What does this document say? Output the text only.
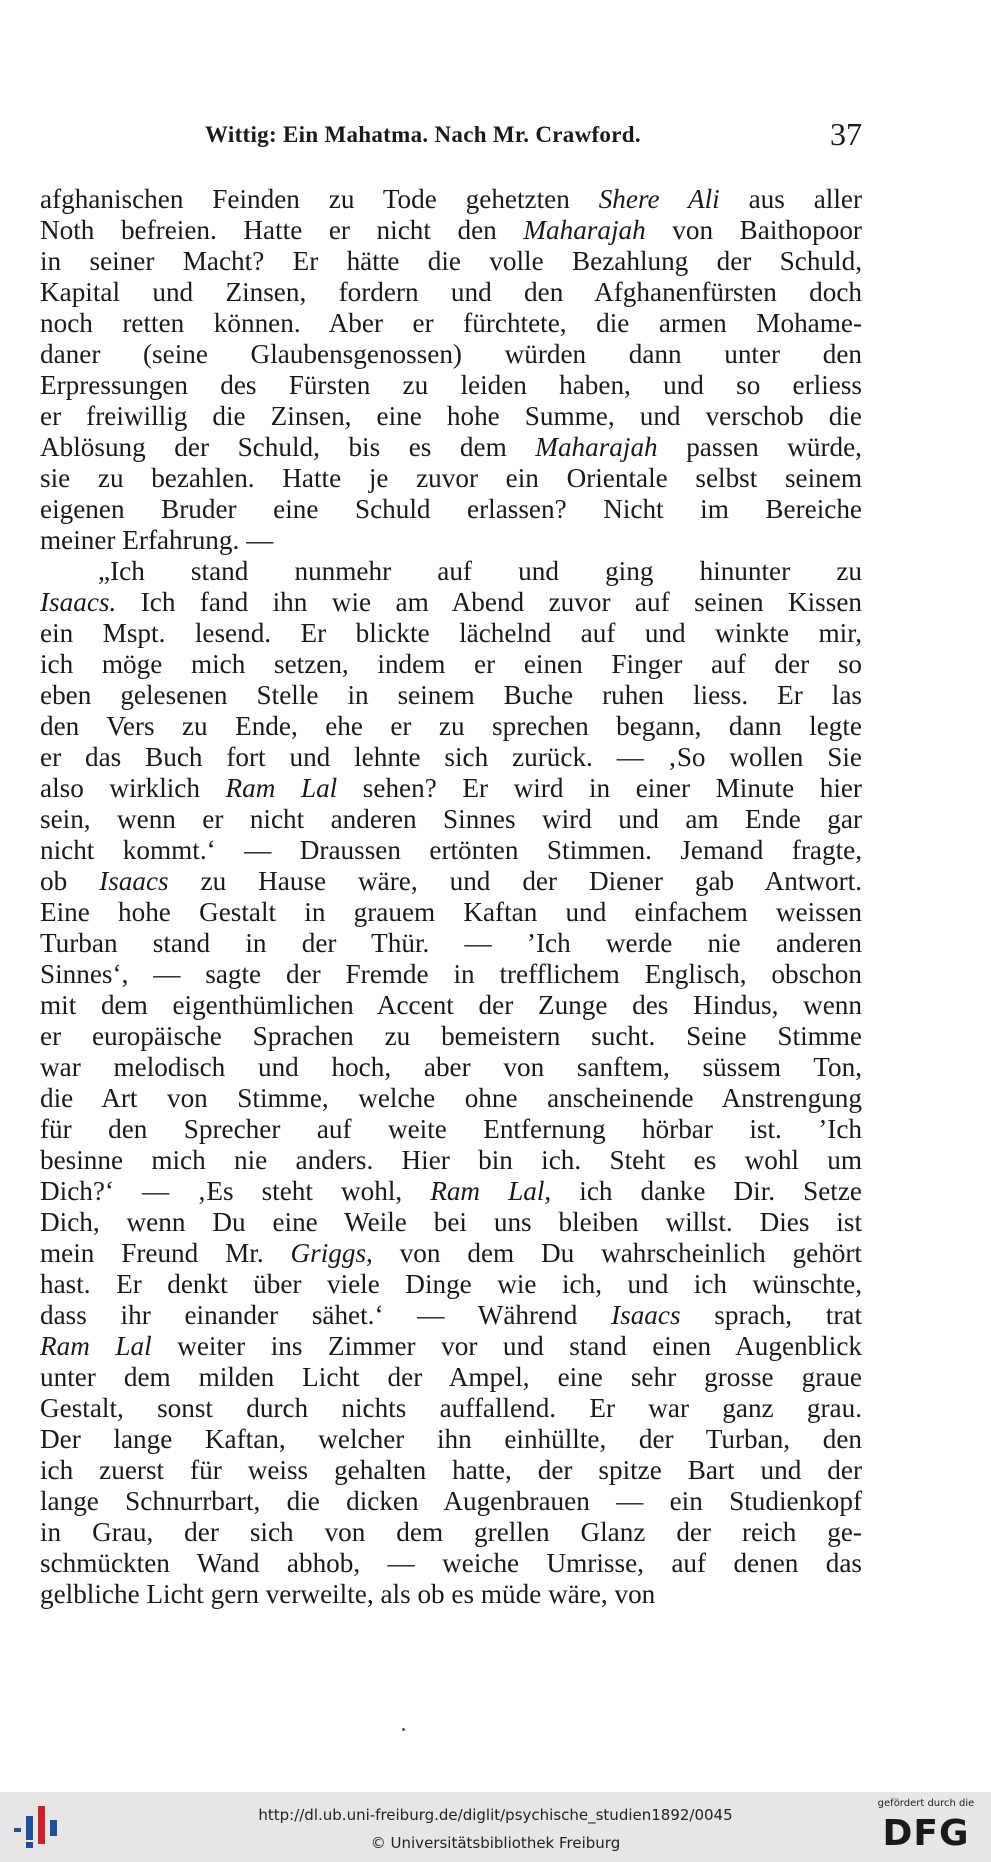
Wittig: Ein Mahatma. Nach Mr. Crawford.	37
afghanischen Feinden zu Tode gehetzten Shere Ali aus aller
Noth befreien. Hatte er nicht den Maharajah von Baithopoor
in seiner Macht? Er hätte die volle Bezahlung der Schuld,
Kapital und Zinsen, fordern und den Afghanenfürsten doch
noch retten können. Aber er fürchtete, die armen Mohame-
daner (seine Glaubensgenossen) würden dann unter den
Erpressungen des Fürsten zu leiden haben, und so erliess
er freiwillig die Zinsen, eine hohe Summe, und verschob die
Ablösung der Schuld, bis es dem Maharajah passen würde,
sie zu bezahlen. Hatte je zuvor ein Orientale selbst seinem
eigenen Bruder eine Schuld erlassen? Nicht im Bereiche
meiner Erfahrung. —
„Ich stand nunmehr auf und ging hinunter zu
Isaacs. Ich fand ihn wie am Abend zuvor auf seinen Kissen
ein Mspt. lesend. Er blickte lächelnd auf und winkte mir,
ich möge mich setzen, indem er einen Finger auf der so
eben gelesenen Stelle in seinem Buche ruhen liess. Er las
den Vers zu Ende, ehe er zu sprechen begann, dann legte
er das Buch fort und lehnte sich zurück. — ‚So wollen Sie
also wirklich Ram Lal sehen? Er wird in einer Minute hier
sein, wenn er nicht anderen Sinnes wird und am Ende gar
nicht kommt.‘ — Draussen ertönten Stimmen. Jemand fragte,
ob Isaacs zu Hause wäre, und der Diener gab Antwort.
Eine hohe Gestalt in grauem Kaftan und einfachem weissen
Turban stand in der Thür. — ’Ich werde nie anderen
Sinnes‘, — sagte der Fremde in trefflichem Englisch, obschon
mit dem eigenthümlichen Accent der Zunge des Hindus, wenn
er europäische Sprachen zu bemeistern sucht. Seine Stimme
war melodisch und hoch, aber von sanftem, süssem Ton,
die Art von Stimme, welche ohne anscheinende Anstrengung
für den Sprecher auf weite Entfernung hörbar ist. ’Ich
besinne mich nie anders. Hier bin ich. Steht es wohl um
Dich?‘ — ‚Es steht wohl, Ram Lal, ich danke Dir. Setze
Dich, wenn Du eine Weile bei uns bleiben willst. Dies ist
mein Freund Mr. Griggs, von dem Du wahrscheinlich gehört
hast. Er denkt über viele Dinge wie ich, und ich wünschte,
dass ihr einander sähet.‘ — Während Isaacs sprach, trat
Ram Lal weiter ins Zimmer vor und stand einen Augenblick
unter dem milden Licht der Ampel, eine sehr grosse graue
Gestalt, sonst durch nichts auffallend. Er war ganz grau.
Der lange Kaftan, welcher ihn einhüllte, der Turban, den
ich zuerst für weiss gehalten hatte, der spitze Bart und der
lange Schnurrbart, die dicken Augenbrauen — ein Studienkopf
in Grau, der sich von dem grellen Glanz der reich ge-
schmückten Wand abhob, — weiche Umrisse, auf denen das
gelbliche Licht gern verweilte, als ob es müde wäre, von
http://dl.ub.uni-freiburg.de/diglit/psychische_studien1892/0045
© Universitätsbibliothek Freiburg
gefördert durch die
DFG
